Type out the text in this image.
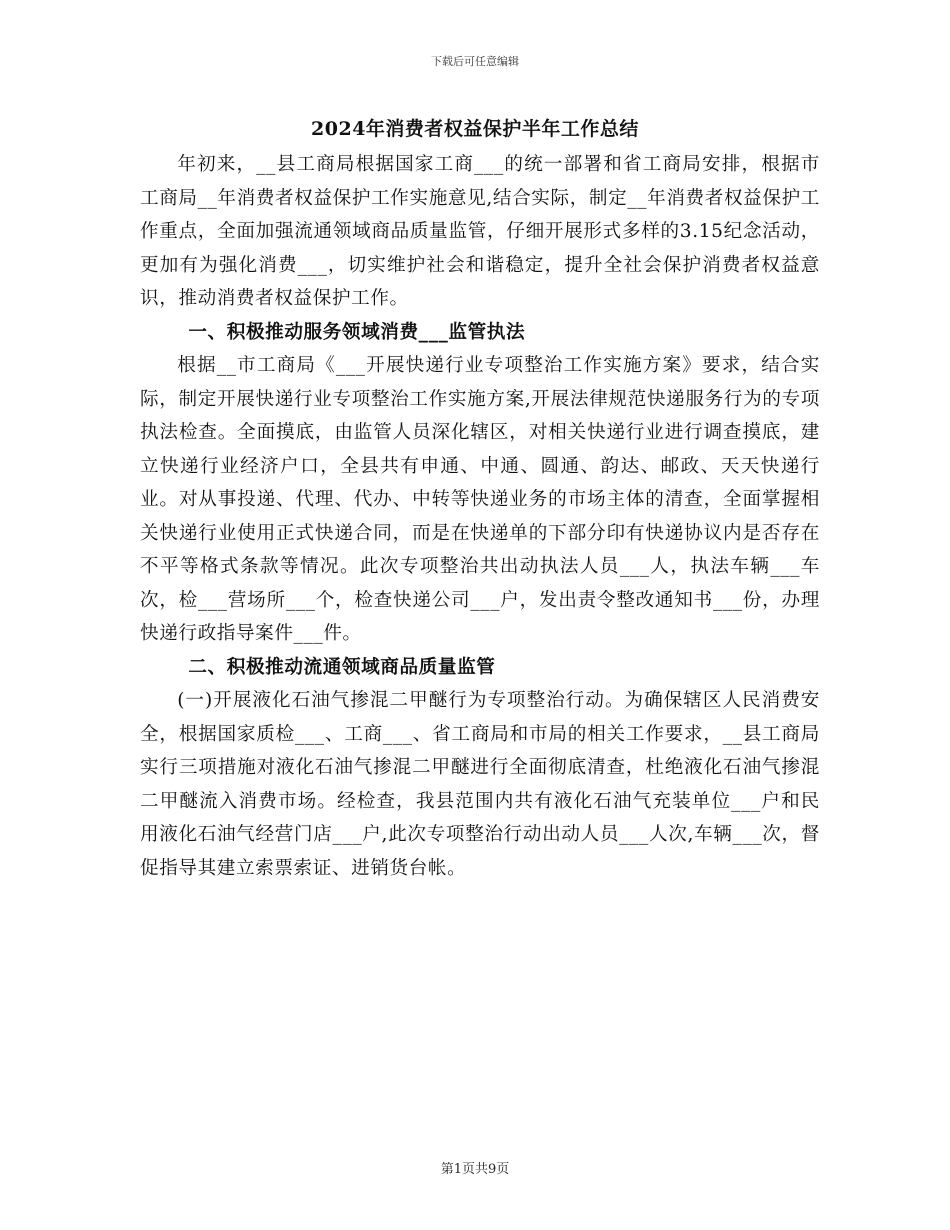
下载后可任意编辑
2024年消费者权益保护半年工作总结

年初来，__县工商局根据国家工商___的统一部署和省工商局安排，根据市工商局__年消费者权益保护工作实施意见,结合实际，制定__年消费者权益保护工作重点，全面加强流通领域商品质量监管，仔细开展形式多样的3.15纪念活动，更加有为强化消费___，切实维护社会和谐稳定，提升全社会保护消费者权益意识，推动消费者权益保护工作。

一、积极推动服务领域消费___监管执法

根据__市工商局《___开展快递行业专项整治工作实施方案》要求，结合实际，制定开展快递行业专项整治工作实施方案,开展法律规范快递服务行为的专项执法检查。全面摸底，由监管人员深化辖区，对相关快递行业进行调查摸底，建立快递行业经济户口，全县共有申通、中通、圆通、韵达、邮政、天天快递行业。对从事投递、代理、代办、中转等快递业务的市场主体的清查，全面掌握相关快递行业使用正式快递合同，而是在快递单的下部分印有快递协议内是否存在不平等格式条款等情况。此次专项整治共出动执法人员___人，执法车辆___车次，检___营场所___个，检查快递公司___户，发出责令整改通知书___份，办理快递行政指导案件___件。

二、积极推动流通领域商品质量监管

(一)开展液化石油气掺混二甲醚行为专项整治行动。为确保辖区人民消费安全，根据国家质检___、工商___、省工商局和市局的相关工作要求，__县工商局实行三项措施对液化石油气掺混二甲醚进行全面彻底清查，杜绝液化石油气掺混二甲醚流入消费市场。经检查，我县范围内共有液化石油气充装单位___户和民用液化石油气经营门店___户,此次专项整治行动出动人员___人次,车辆___次，督促指导其建立索票索证、进销货台帐。

第1页共9页
